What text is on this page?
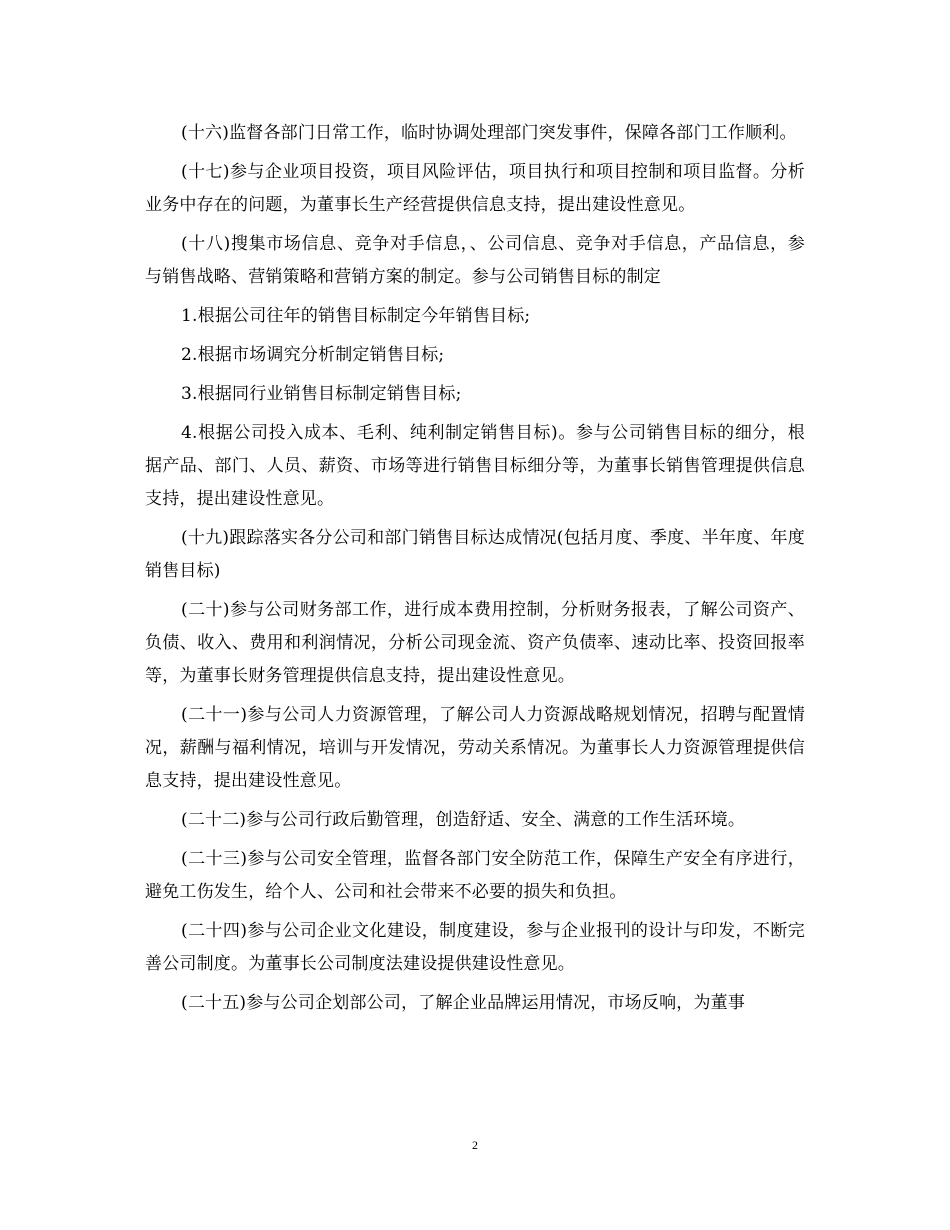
(十六)监督各部门日常工作，临时协调处理部门突发事件，保障各部门工作顺利。

(十七)参与企业项目投资，项目风险评估，项目执行和项目控制和项目监督。分析业务中存在的问题，为董事长生产经营提供信息支持，提出建设性意见。

(十八)搜集市场信息、竞争对手信息，、公司信息、竞争对手信息，产品信息，参与销售战略、营销策略和营销方案的制定。参与公司销售目标的制定

1.根据公司往年的销售目标制定今年销售目标;

2.根据市场调究分析制定销售目标;

3.根据同行业销售目标制定销售目标;

4.根据公司投入成本、毛利、纯利制定销售目标)。参与公司销售目标的细分，根据产品、部门、人员、薪资、市场等进行销售目标细分等，为董事长销售管理提供信息支持，提出建设性意见。

(十九)跟踪落实各分公司和部门销售目标达成情况(包括月度、季度、半年度、年度销售目标)

(二十)参与公司财务部工作，进行成本费用控制，分析财务报表，了解公司资产、负债、收入、费用和利润情况，分析公司现金流、资产负债率、速动比率、投资回报率等，为董事长财务管理提供信息支持，提出建设性意见。

(二十一)参与公司人力资源管理，了解公司人力资源战略规划情况，招聘与配置情况，薪酬与福利情况，培训与开发情况，劳动关系情况。为董事长人力资源管理提供信息支持，提出建设性意见。

(二十二)参与公司行政后勤管理，创造舒适、安全、满意的工作生活环境。

(二十三)参与公司安全管理，监督各部门安全防范工作，保障生产安全有序进行，避免工伤发生，给个人、公司和社会带来不必要的损失和负担。

(二十四)参与公司企业文化建设，制度建设，参与企业报刊的设计与印发，不断完善公司制度。为董事长公司制度法建设提供建设性意见。

(二十五)参与公司企划部公司，了解企业品牌运用情况，市场反响，为董事

2
